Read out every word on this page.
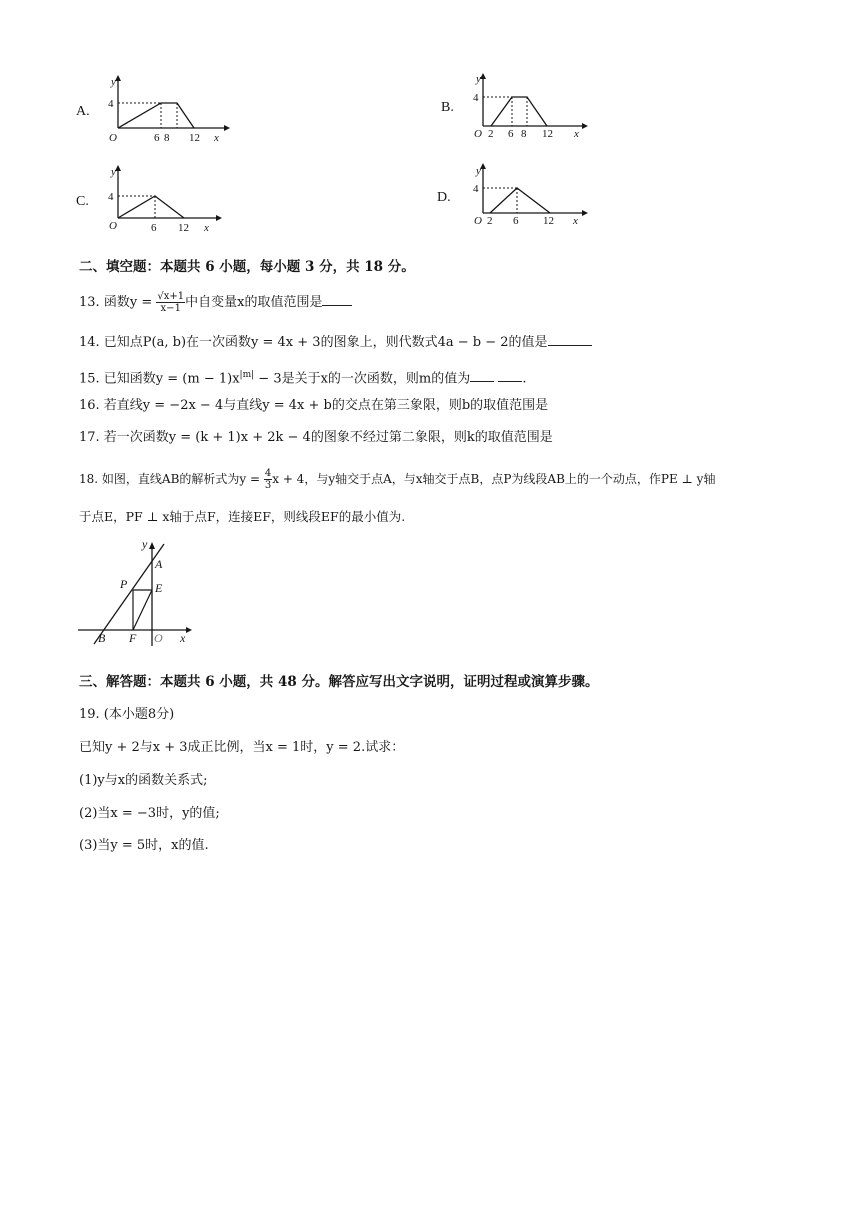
A.
y
4
O	6 8 12 x
B.
y
4
O 2 6 8 12 x
C.
y
4
O	6 12 x
D.
y
4
O 2 6 12 x
二、填空题：本题共 6 小题，每小题 3 分，共 18 分。
13. 函数$y = \frac{√x+1}{x-1}$ 中自变量x的取值范围是
14. 已知点P(a, b)在一次函数y = 4x + 3的图象上，则代数式4a − b − 2的值是
15. 已知函数$y = (m - 1)x^{|m|} - 3$是关于x的一次函数，则m的值为	.
16. 若直线y = −2x − 4与直线y = 4x + b的交点在第三象限，则b的取值范围是
17. 若一次函数y = (k + 1)x + 2k − 4的图象不经过第二象限，则k的取值范围是
18. 如图，直线AB的解析式为$y = \frac{4}{3}$ x + 4，与y轴交于点A，与x轴交于点B，点P为线段AB上的一个动点，作PE ⊥ y轴
于点E，PF ⊥ x轴于点F，连接EF，则线段EF的最小值为.
y
A
P E
B F O x
三、解答题：本题共 6 小题，共 48 分。解答应写出文字说明，证明过程或演算步骤。
19. (本小题8分)
已知y + 2与x + 3成正比例，当x = 1时，y = 2.试求：
(1)y与x的函数关系式;
(2)当x = −3时，y的值;
(3)当y = 5时，x的值.
